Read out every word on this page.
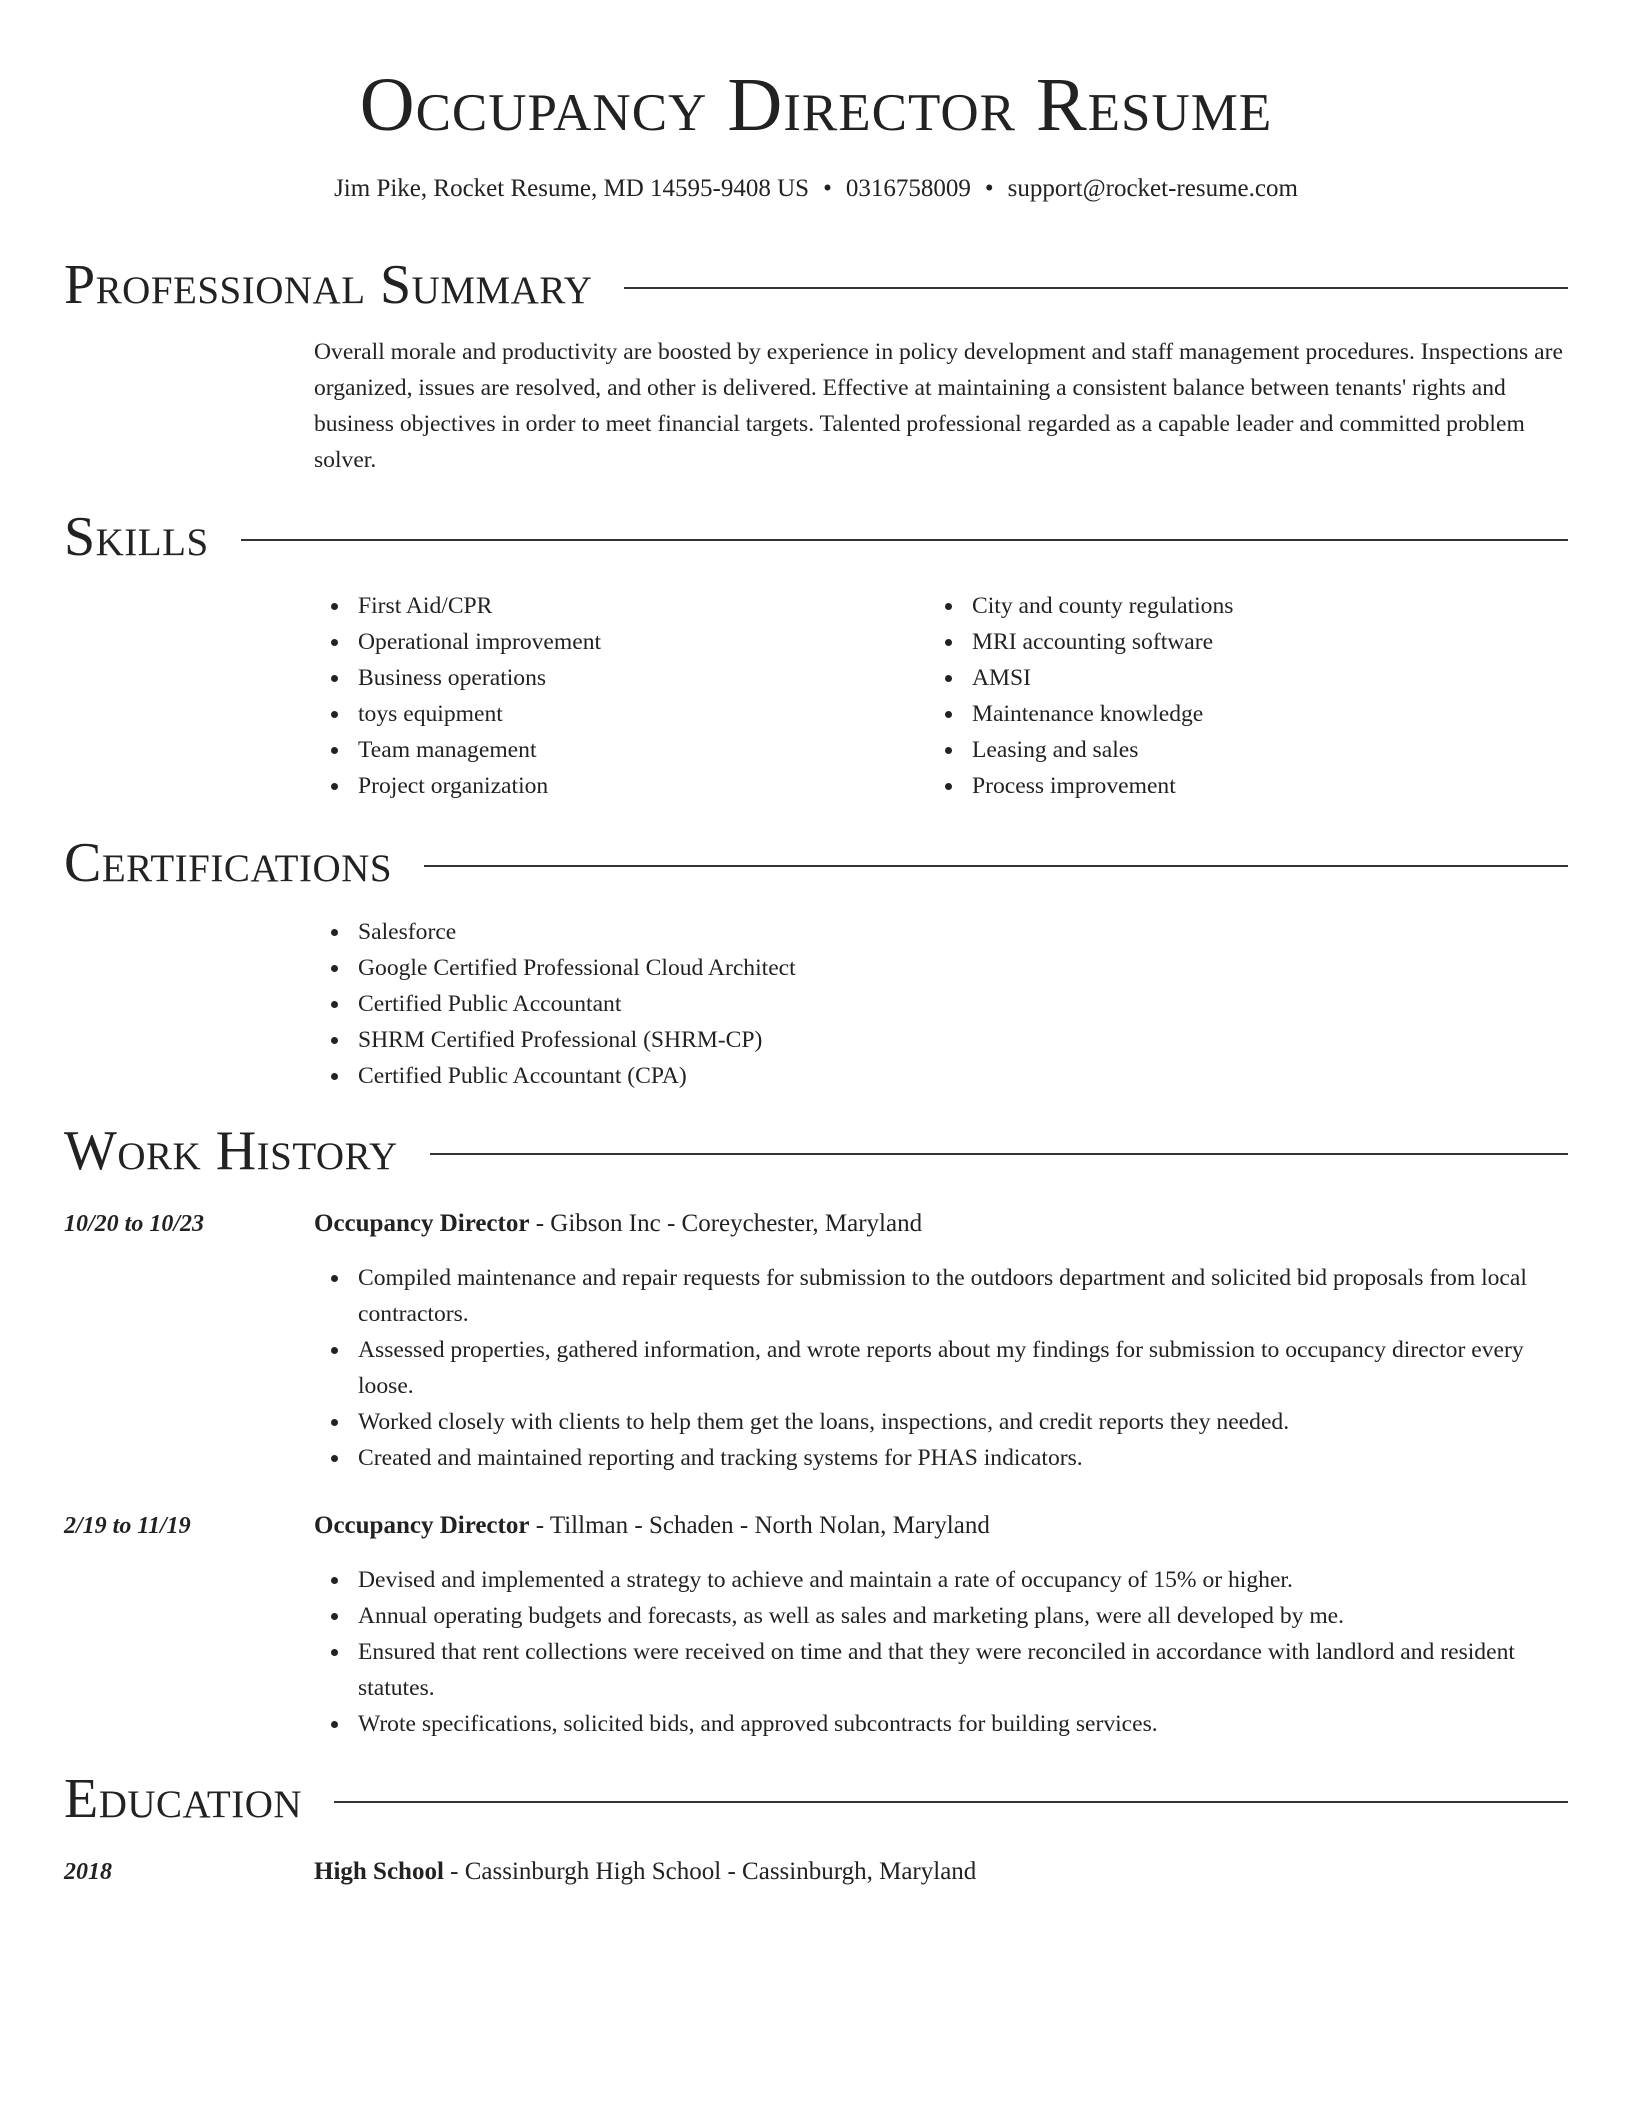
Occupancy Director Resume
Jim Pike, Rocket Resume, MD 14595-9408 US • 0316758009 • support@rocket-resume.com
Professional Summary

Overall morale and productivity are boosted by experience in policy development and staff management procedures. Inspections are organized, issues are resolved, and other is delivered. Effective at maintaining a consistent balance between tenants' rights and business objectives in order to meet financial targets. Talented professional regarded as a capable leader and committed problem solver.

Skills
First Aid/CPR
Operational improvement
Business operations
toys equipment
Team management
Project organization
City and county regulations
MRI accounting software
AMSI
Maintenance knowledge
Leasing and sales
Process improvement
Certifications
Salesforce
Google Certified Professional Cloud Architect
Certified Public Accountant
SHRM Certified Professional (SHRM-CP)
Certified Public Accountant (CPA)
Work History
10/20 to 10/23	Occupancy Director - Gibson Inc - Coreychester, Maryland
Compiled maintenance and repair requests for submission to the outdoors department and solicited bid proposals from local contractors.
Assessed properties, gathered information, and wrote reports about my findings for submission to occupancy director every loose.
Worked closely with clients to help them get the loans, inspections, and credit reports they needed.
Created and maintained reporting and tracking systems for PHAS indicators.
2/19 to 11/19	Occupancy Director - Tillman - Schaden - North Nolan, Maryland
Devised and implemented a strategy to achieve and maintain a rate of occupancy of 15% or higher.
Annual operating budgets and forecasts, as well as sales and marketing plans, were all developed by me.
Ensured that rent collections were received on time and that they were reconciled in accordance with landlord and resident statutes.
Wrote specifications, solicited bids, and approved subcontracts for building services.
Education
2018	High School - Cassinburgh High School - Cassinburgh, Maryland
